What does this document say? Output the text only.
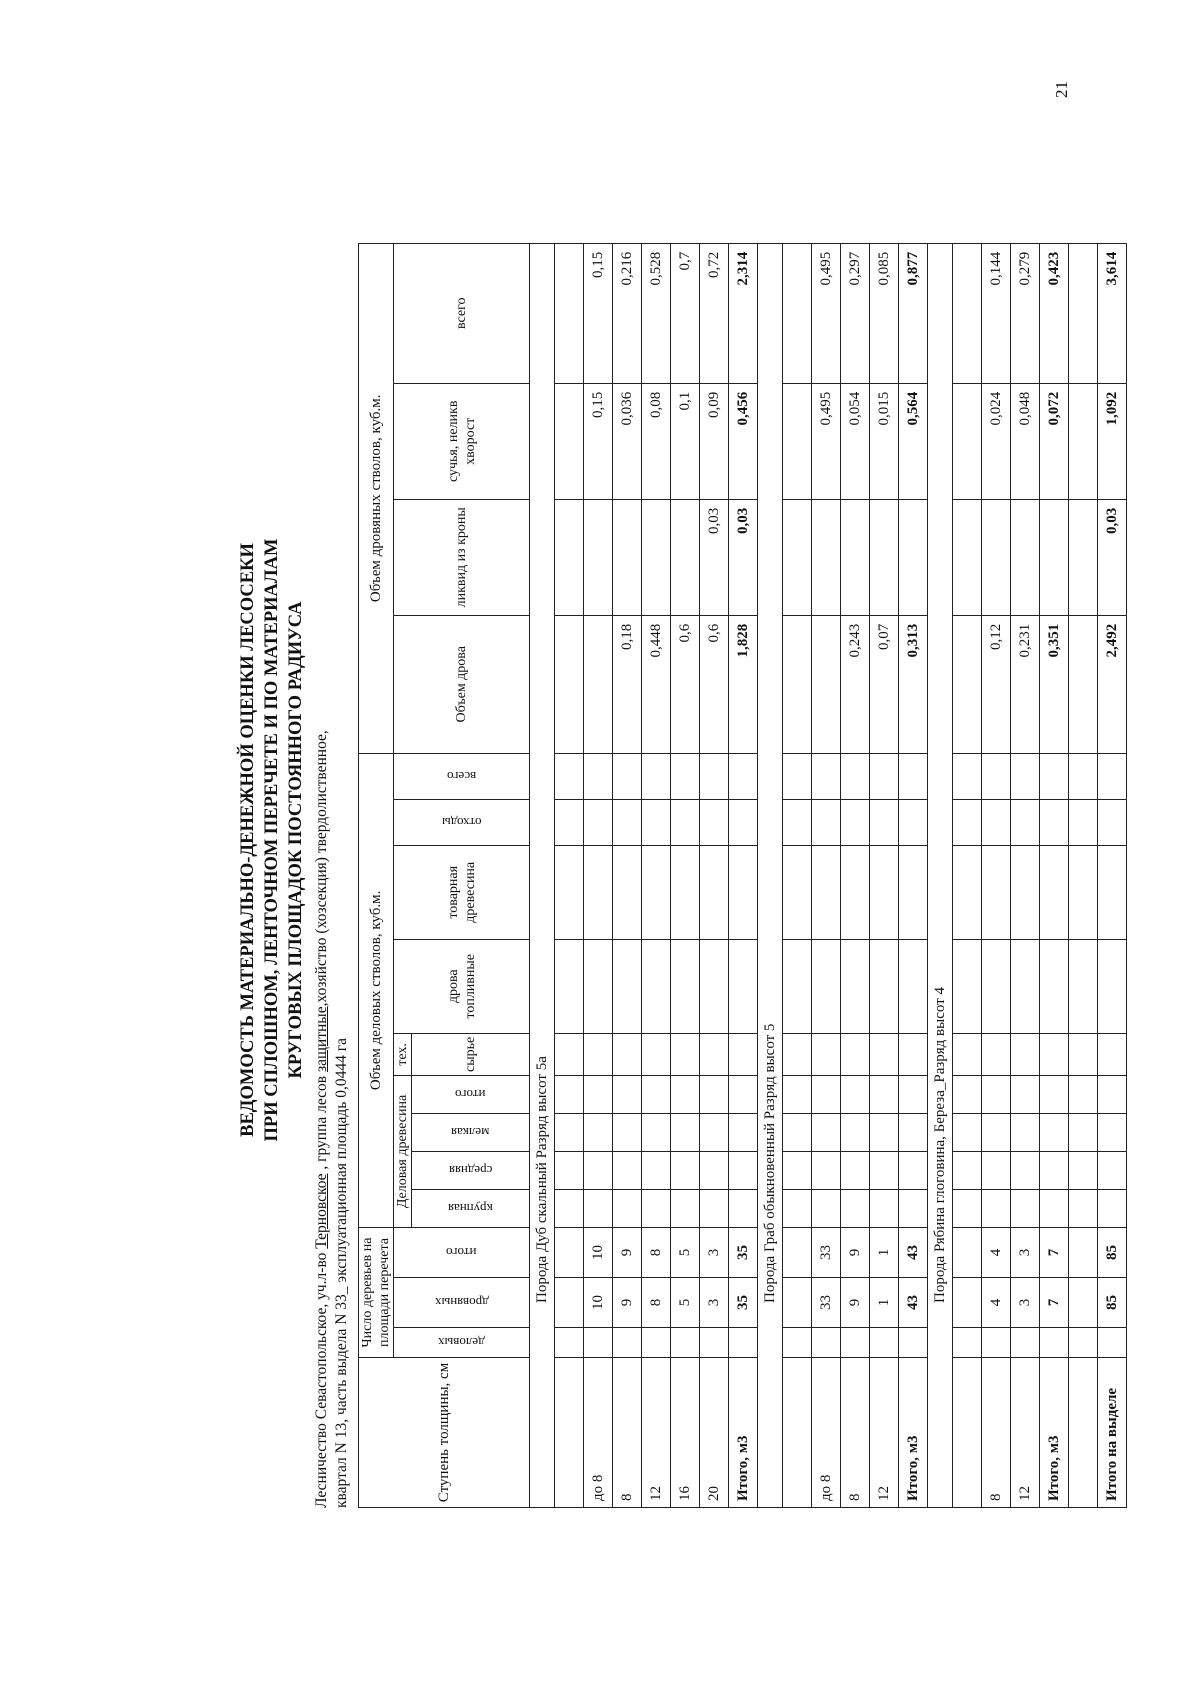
21
ВЕДОМОСТЬ МАТЕРИАЛЬНО-ДЕНЕЖНОЙ ОЦЕНКИ ЛЕСОСЕКИ ПРИ СПЛОШНОМ, ЛЕНТОЧНОМ ПЕРЕЧЕТЕ И ПО МАТЕРИАЛАМ КРУГОВЫХ ПЛОЩАДОК ПОСТОЯННОГО РАДИУСА
Лесничество Севастопольское, уч.л-во Терновское , группа лесов защитные,хозяйство (хозсекция) твердолиственное,
квартал N 13, часть выдела N 33_ эксплуатационная площадь 0,0444 га	Ступень толщины, см	Число деревьев на площади перечета			Объем деловых стволов, куб.м.									Объем дровяных стволов, куб.м.			

	деловых	дровяных	итого	Деловая древесина				тех.	дрова топливные	товарная древесина	отходы	всего	Объем дрова	ликвид из кроны	сучья, неликв хворост	всего

				крупная	средняя	мелкая	итого	сырье								
Порода Дуб скальный Разряд высот 5а																

до 8		10	10												0,15	0,15
8		9	9										0,18		0,036	0,216
12		8	8										0,448		0,08	0,528
16		5	5										0,6		0,1	0,7
20		3	3										0,6	0,03	0,09	0,72
Итого, м3		35	35										1,828	0,03	0,456	2,314
Порода Граб обыкновенный Разряд высот 5																

до 8		33	33												0,495	0,495
8		9	9										0,243		0,054	0,297
12		1	1										0,07		0,015	0,085
Итого, м3		43	43										0,313		0,564	0,877
Порода Рябина глоговина, Береза_Разряд высот 4																

8		4	4										0,12		0,024	0,144
12		3	3										0,231		0,048	0,279
Итого, м3		7	7										0,351		0,072	0,423

Итого на выделе		85	85										2,492	0,03	1,092	3,614
